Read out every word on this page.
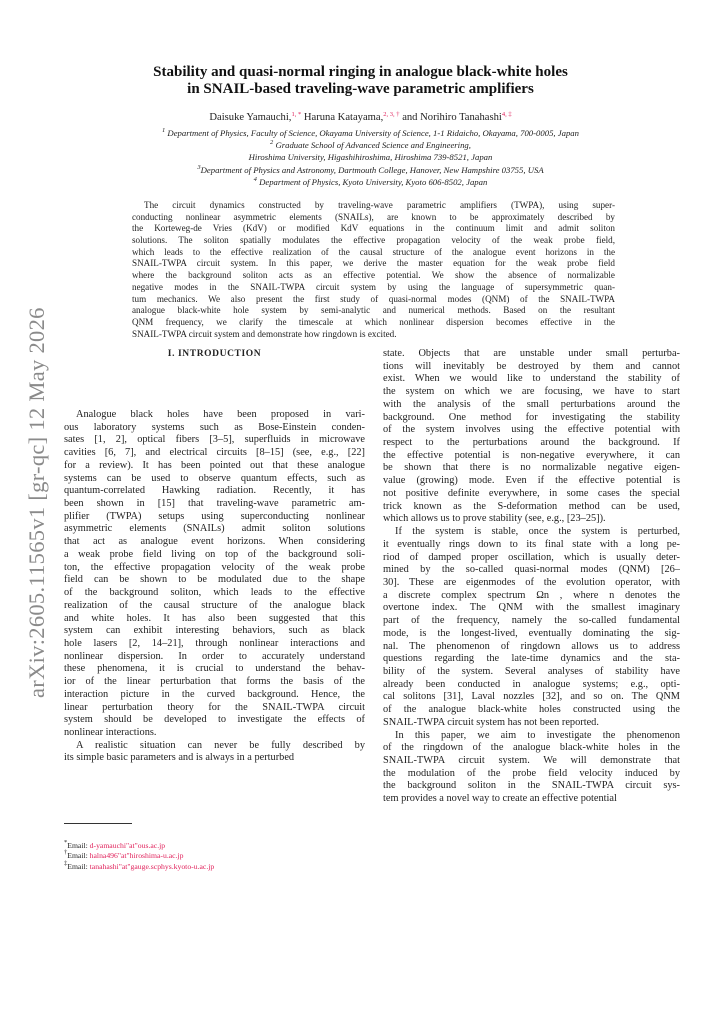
arXiv:2605.11565v1 [gr-qc] 12 May 2026
Stability and quasi-normal ringing in analogue black-white holes
in SNAIL-based traveling-wave parametric amplifiers
Daisuke Yamauchi,$^{1, *}$ Haruna Katayama,$^{2, 3, \dagger}$ and Norihiro Tanahashi$^{4, \ddagger}$
$^1$ Department of Physics, Faculty of Science, Okayama University of Science, 1-1 Ridaicho, Okayama, 700-0005, Japan
$^2$ Graduate School of Advanced Science and Engineering,
Hiroshima University, Higashihiroshima, Hiroshima 739-8521, Japan
$^3$Department of Physics and Astronomy, Dartmouth College, Hanover, New Hampshire 03755, USA
$^4$ Department of Physics, Kyoto University, Kyoto 606-8502, Japan
The circuit dynamics constructed by traveling-wave parametric amplifiers (TWPA), using super-
conducting nonlinear asymmetric elements (SNAILs), are known to be approximately described by
the Korteweg-de Vries (KdV) or modified KdV equations in the continuum limit and admit soliton
solutions. The soliton spatially modulates the effective propagation velocity of the weak probe field,
which leads to the effective realization of the causal structure of the analogue event horizons in the
SNAIL-TWPA circuit system. In this paper, we derive the master equation for the weak probe field
where the background soliton acts as an effective potential. We show the absence of normalizable
negative modes in the SNAIL-TWPA circuit system by using the language of supersymmetric quan-
tum mechanics. We also present the first study of quasi-normal modes (QNM) of the SNAIL-TWPA
analogue black-white hole system by semi-analytic and numerical methods. Based on the resultant
QNM frequency, we clarify the timescale at which nonlinear dispersion becomes effective in the
SNAIL-TWPA circuit system and demonstrate how ringdown is excited.
I. INTRODUCTION
Analogue black holes have been proposed in vari-
ous laboratory systems such as Bose-Einstein conden-
sates [1, 2], optical fibers [3–5], superfluids in microwave
cavities [6, 7], and electrical circuits [8–15] (see, e.g., [22]
for a review). It has been pointed out that these analogue
systems can be used to observe quantum effects, such as
quantum-correlated Hawking radiation. Recently, it has
been shown in [15] that traveling-wave parametric am-
plifier (TWPA) setups using superconducting nonlinear
asymmetric elements (SNAILs) admit soliton solutions
that act as analogue event horizons. When considering
a weak probe field living on top of the background soli-
ton, the effective propagation velocity of the weak probe
field can be shown to be modulated due to the shape
of the background soliton, which leads to the effective
realization of the causal structure of the analogue black
and white holes. It has also been suggested that this
system can exhibit interesting behaviors, such as black
hole lasers [2, 14–21], through nonlinear interactions and
nonlinear dispersion. In order to accurately understand
these phenomena, it is crucial to understand the behav-
ior of the linear perturbation that forms the basis of the
interaction picture in the curved background. Hence, the
linear perturbation theory for the SNAIL-TWPA circuit
system should be developed to investigate the effects of
nonlinear interactions.
A realistic situation can never be fully described by
its simple basic parameters and is always in a perturbed
state. Objects that are unstable under small perturba-
tions will inevitably be destroyed by them and cannot
exist. When we would like to understand the stability of
the system on which we are focusing, we have to start
with the analysis of the small perturbations around the
background. One method for investigating the stability
of the system involves using the effective potential with
respect to the perturbations around the background. If
the effective potential is non-negative everywhere, it can
be shown that there is no normalizable negative eigen-
value (growing) mode. Even if the effective potential is
not positive definite everywhere, in some cases the special
trick known as the S-deformation method can be used,
which allows us to prove stability (see, e.g., [23–25]).
If the system is stable, once the system is perturbed,
it eventually rings down to its final state with a long pe-
riod of damped proper oscillation, which is usually deter-
mined by the so-called quasi-normal modes (QNM) [26–
30]. These are eigenmodes of the evolution operator, with
a discrete complex spectrum Ωn , where n denotes the
overtone index. The QNM with the smallest imaginary
part of the frequency, namely the so-called fundamental
mode, is the longest-lived, eventually dominating the sig-
nal. The phenomenon of ringdown allows us to address
questions regarding the late-time dynamics and the sta-
bility of the system. Several analyses of stability have
already been conducted in analogue systems; e.g., opti-
cal solitons [31], Laval nozzles [32], and so on. The QNM
of the analogue black-white holes constructed using the
SNAIL-TWPA circuit system has not been reported.
In this paper, we aim to investigate the phenomenon
of the ringdown of the analogue black-white holes in the
SNAIL-TWPA circuit system. We will demonstrate that
the modulation of the probe field velocity induced by
the background soliton in the SNAIL-TWPA circuit sys-
tem provides a novel way to create an effective potential
*Email: d-yamauchi"at"ous.ac.jp
†Email: halna496"at"hiroshima-u.ac.jp
‡Email: tanahashi"at"gauge.scphys.kyoto-u.ac.jp
